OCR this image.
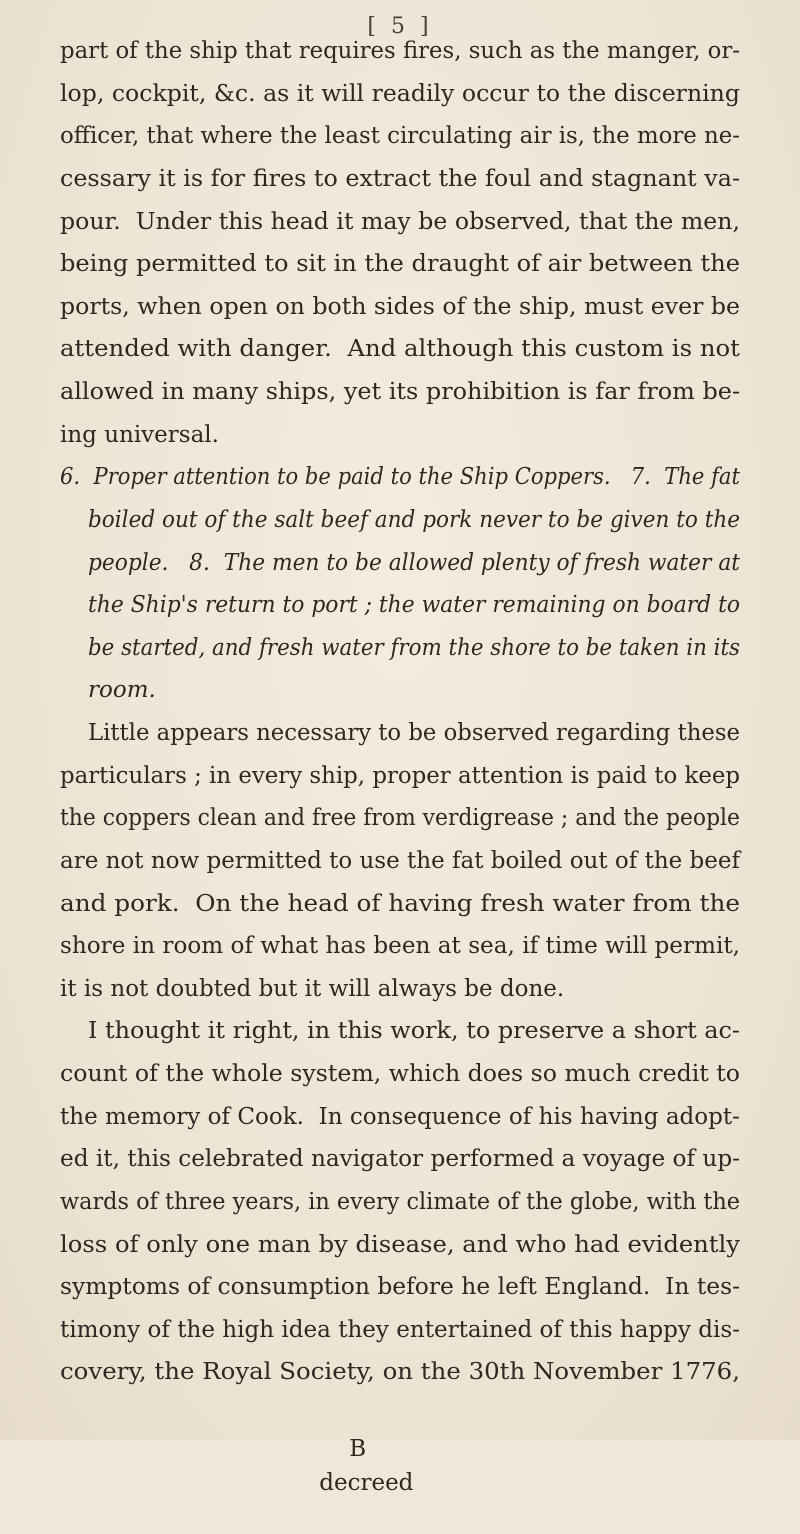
[ 5 ]
part of the ship that requires fires, such as the manger, or-
lop, cockpit, &c. as it will readily occur to the discerning
officer, that where the least circulating air is, the more ne-
cessary it is for fires to extract the foul and stagnant va-
pour.  Under this head it may be observed, that the men,
being permitted to sit in the draught of air between the
ports, when open on both sides of the ship, must ever be
attended with danger.  And although this custom is not
allowed in many ships, yet its prohibition is far from be-
ing universal.
6.  Proper attention to be paid to the Ship Coppers.   7.  The fat
boiled out of the salt beef and pork never to be given to the
people.   8.  The men to be allowed plenty of fresh water at
the Ship's return to port ; the water remaining on board to
be started, and fresh water from the shore to be taken in its
room.
Little appears necessary to be observed regarding these
particulars ; in every ship, proper attention is paid to keep
the coppers clean and free from verdigrease ; and the people
are not now permitted to use the fat boiled out of the beef
and pork.  On the head of having fresh water from the
shore in room of what has been at sea, if time will permit,
it is not doubted but it will always be done.
I thought it right, in this work, to preserve a short ac-
count of the whole system, which does so much credit to
the memory of Cook.  In consequence of his having adopt-
ed it, this celebrated navigator performed a voyage of up-
wards of three years, in every climate of the globe, with the

B
decreed

loss of only one man by disease, and who had evidently
symptoms of consumption before he left England.  In tes-
timony of the high idea they entertained of this happy dis-
covery, the Royal Society, on the 30th November 1776,
